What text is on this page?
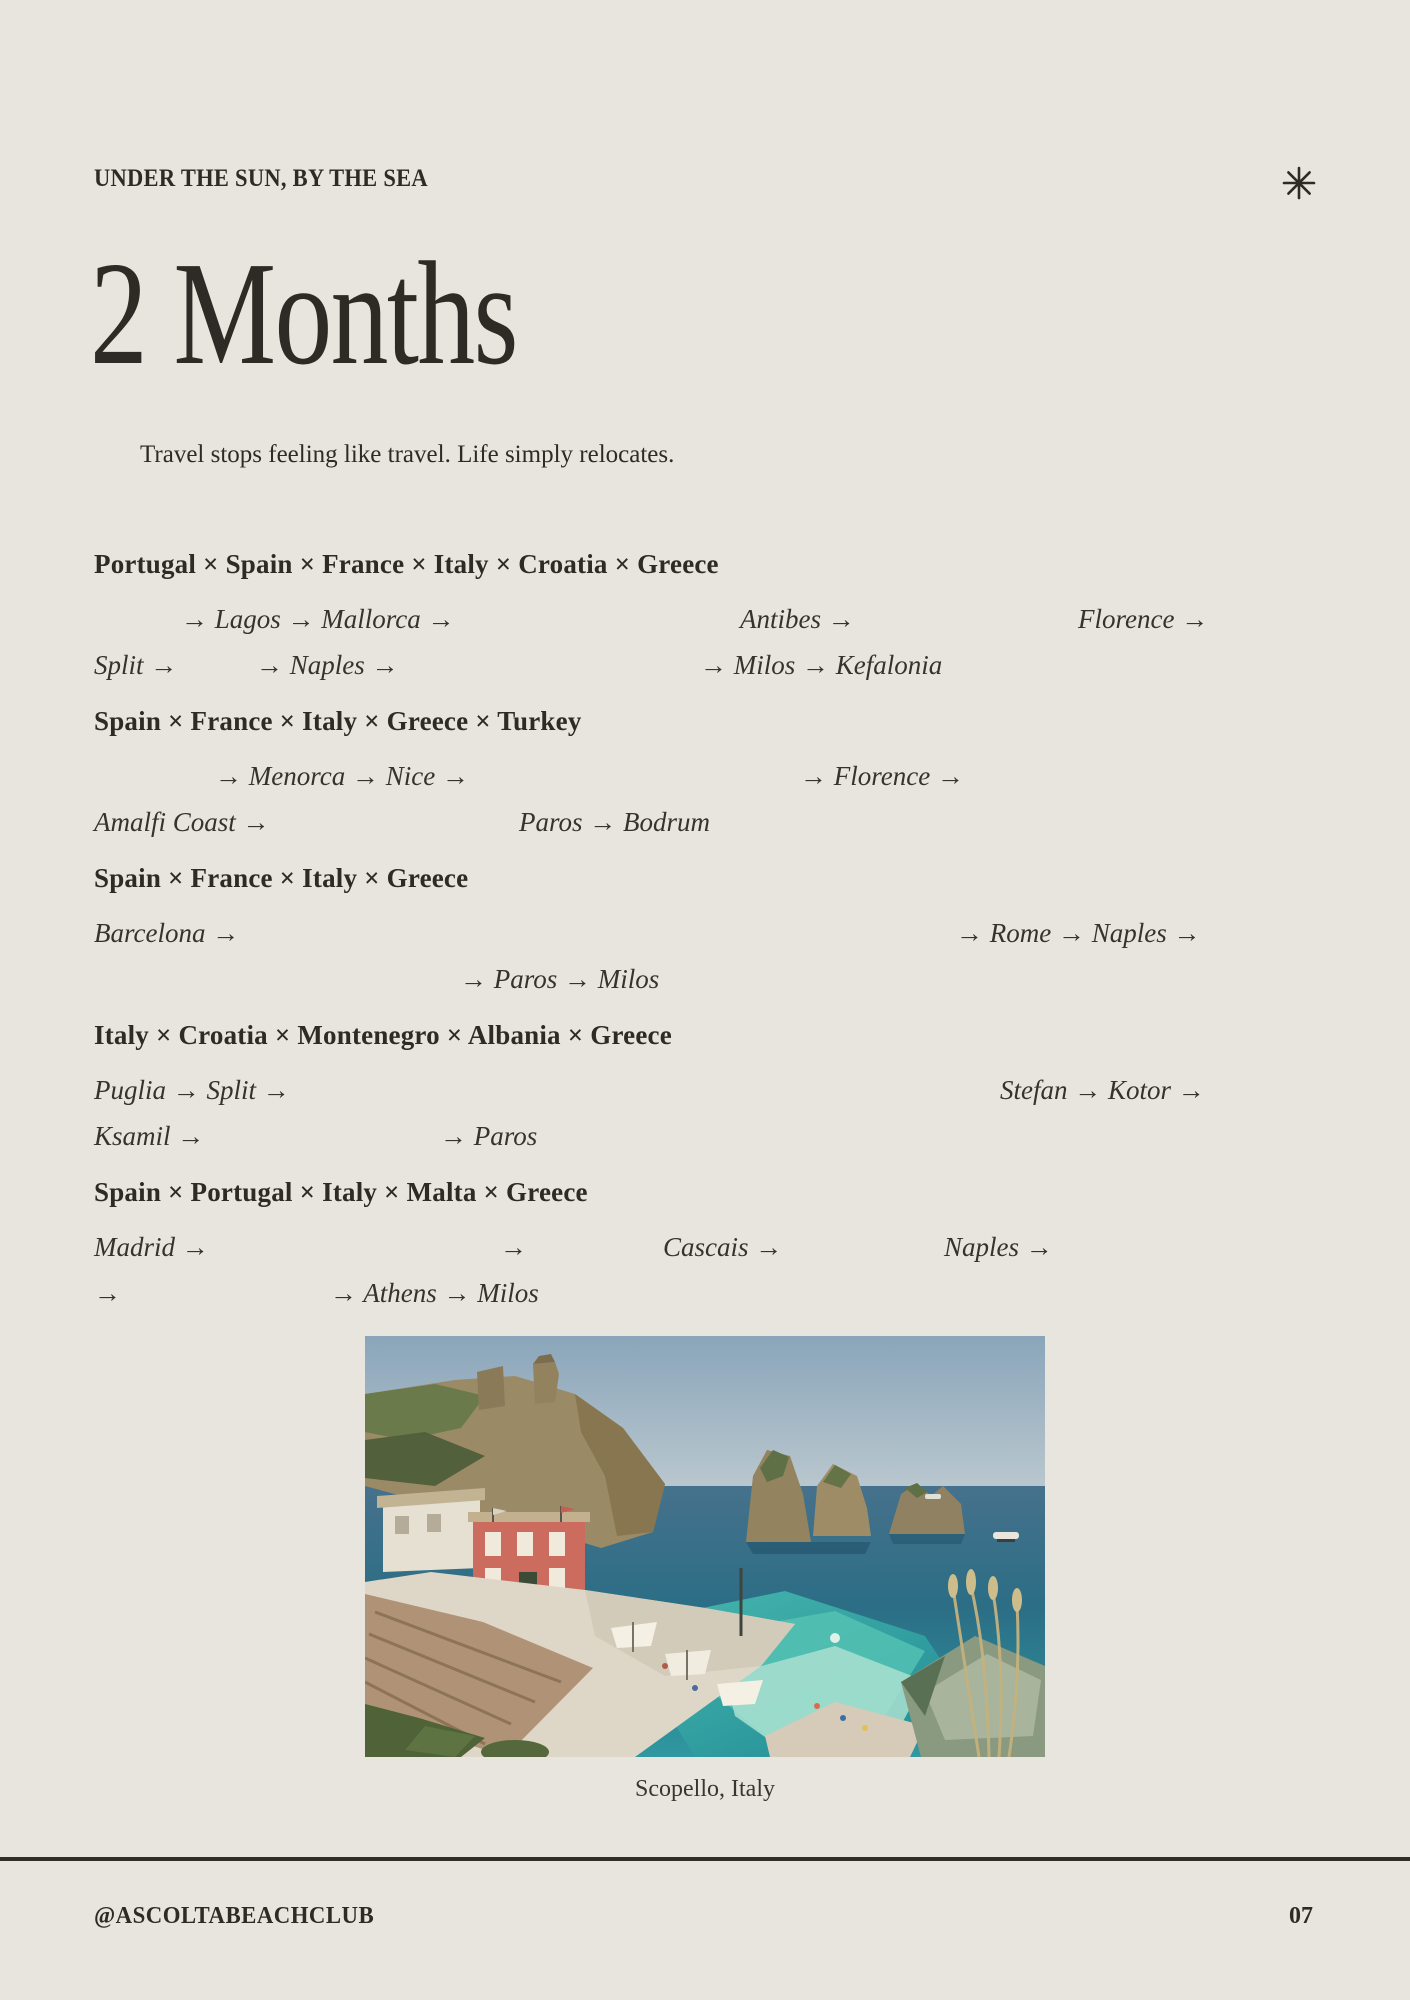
UNDER THE SUN, BY THE SEA
2 Months

Travel stops feeling like travel. Life simply relocates.

Portugal × Spain × France × Italy × Croatia × Greece
→ Lagos → Mallorca →	Antibes →	Florence →
Split →	→ Naples →	→ Milos → Kefalonia
Spain × France × Italy × Greece × Turkey
→ Menorca → Nice →	→ Florence →
Amalfi Coast →	Paros → Bodrum
Spain × France × Italy × Greece
Barcelona →	→ Rome → Naples →
→ Paros → Milos
Italy × Croatia × Montenegro × Albania × Greece
Puglia → Split →	Stefan → Kotor →
Ksamil →	→ Paros
Spain × Portugal × Italy × Malta × Greece
Madrid →	→	Cascais →	Naples →
→	→ Athens → Milos

Scopello, Italy

@ASCOLTABEACHCLUB	07
